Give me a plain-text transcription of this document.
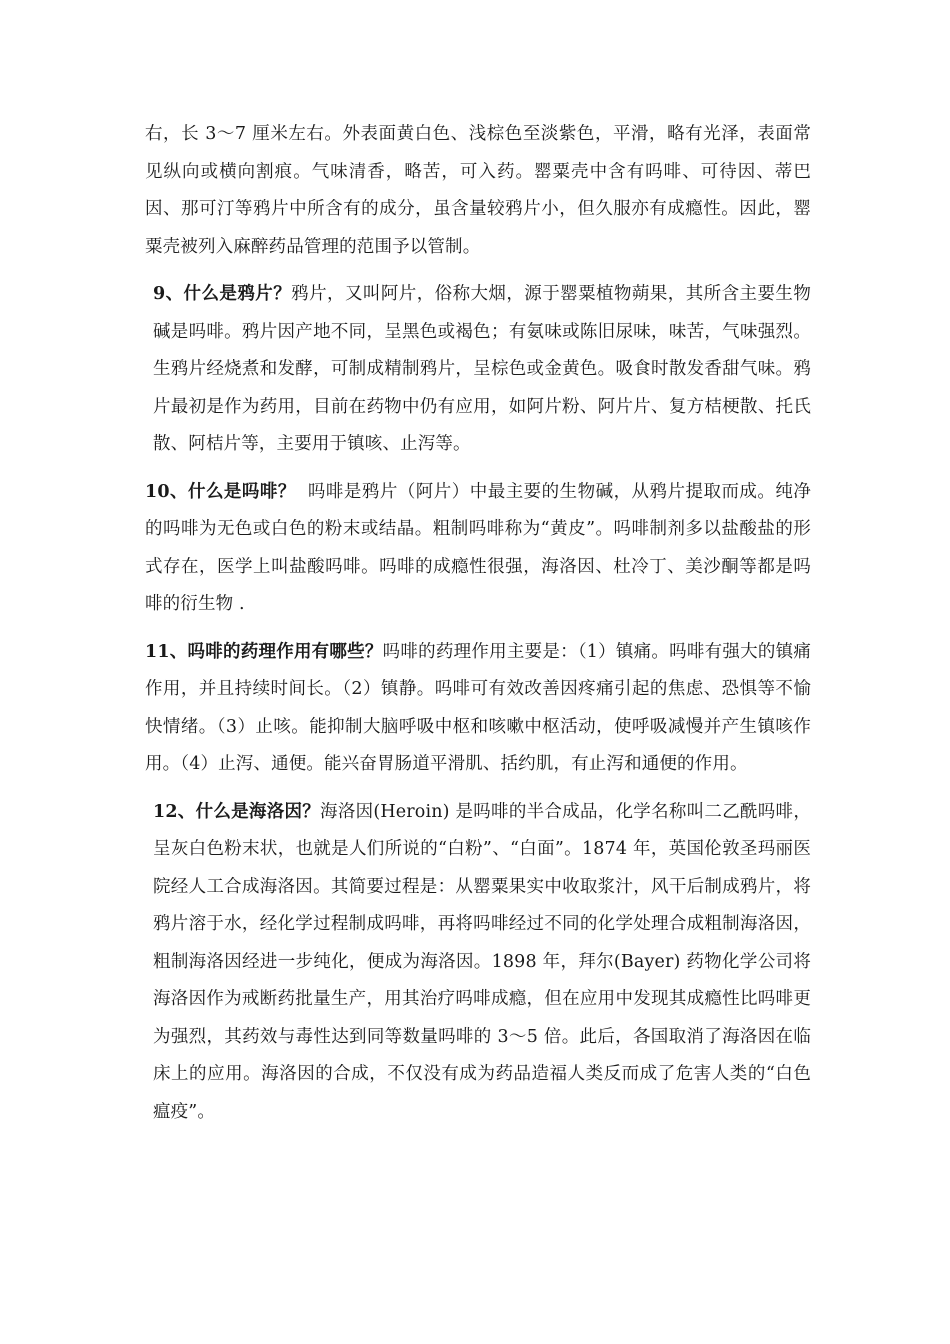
右，长 3～7 厘米左右。外表面黄白色、浅棕色至淡紫色，平滑，略有光泽，表面常见纵向或横向割痕。气味清香，略苦，可入药。罂粟壳中含有吗啡、可待因、蒂巴因、那可汀等鸦片中所含有的成分，虽含量较鸦片小，但久服亦有成瘾性。因此，罂粟壳被列入麻醉药品管理的范围予以管制。

9、什么是鸦片？鸦片，又叫阿片，俗称大烟，源于罂粟植物蒴果，其所含主要生物碱是吗啡。鸦片因产地不同，呈黑色或褐色；有氨味或陈旧尿味，味苦，气味强烈。生鸦片经烧煮和发酵，可制成精制鸦片，呈棕色或金黄色。吸食时散发香甜气味。鸦片最初是作为药用，目前在药物中仍有应用，如阿片粉、阿片片、复方桔梗散、托氏散、阿桔片等，主要用于镇咳、止泻等。

10、什么是吗啡？  吗啡是鸦片（阿片）中最主要的生物碱，从鸦片提取而成。纯净的吗啡为无色或白色的粉末或结晶。粗制吗啡称为“黄皮”。吗啡制剂多以盐酸盐的形式存在，医学上叫盐酸吗啡。吗啡的成瘾性很强，海洛因、杜冷丁、美沙酮等都是吗啡的衍生物 .

11、吗啡的药理作用有哪些？吗啡的药理作用主要是：（1）镇痛。吗啡有强大的镇痛作用，并且持续时间长。（2）镇静。吗啡可有效改善因疼痛引起的焦虑、恐惧等不愉快情绪。（3）止咳。能抑制大脑呼吸中枢和咳嗽中枢活动，使呼吸减慢并产生镇咳作用。（4）止泻、通便。能兴奋胃肠道平滑肌、括约肌，有止泻和通便的作用。

12、什么是海洛因？海洛因(Heroin) 是吗啡的半合成品，化学名称叫二乙酰吗啡，呈灰白色粉末状，也就是人们所说的“白粉”、“白面”。1874 年，英国伦敦圣玛丽医院经人工合成海洛因。其简要过程是：从罂粟果实中收取浆汁，风干后制成鸦片，将鸦片溶于水，经化学过程制成吗啡，再将吗啡经过不同的化学处理合成粗制海洛因，粗制海洛因经进一步纯化，便成为海洛因。1898 年，拜尔(Bayer) 药物化学公司将海洛因作为戒断药批量生产，用其治疗吗啡成瘾，但在应用中发现其成瘾性比吗啡更为强烈，其药效与毒性达到同等数量吗啡的 3～5 倍。此后，各国取消了海洛因在临床上的应用。海洛因的合成，不仅没有成为药品造福人类反而成了危害人类的“白色瘟疫”。
